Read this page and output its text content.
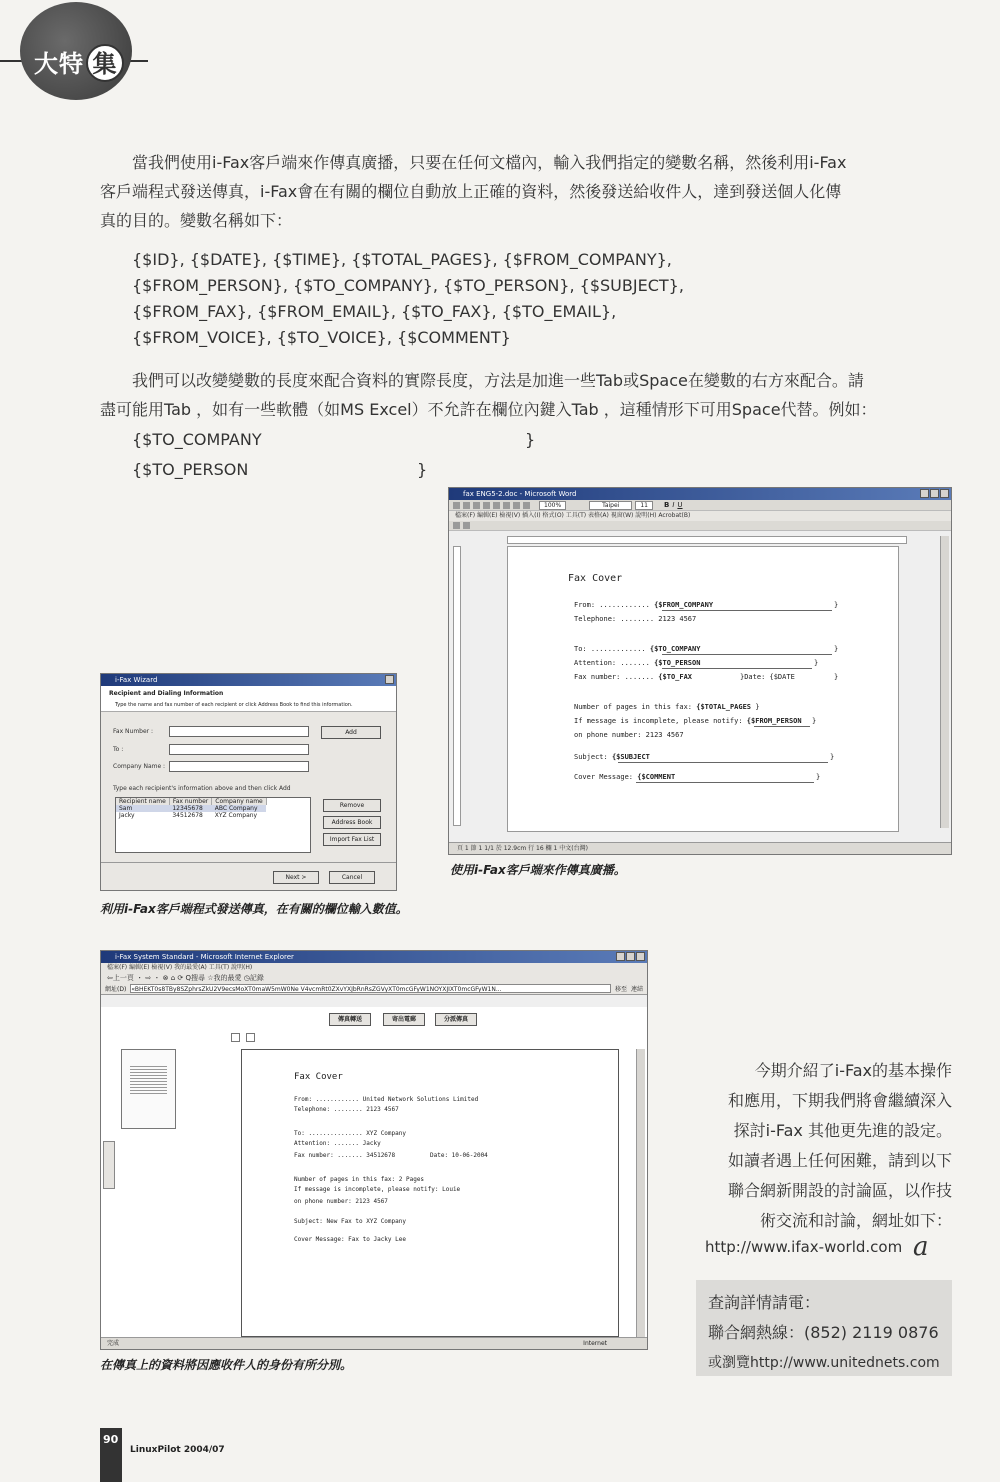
大特 集
當我們使用i-Fax客戶端來作傳真廣播，只要在任何文檔內，輸入我們指定的變數名稱，然後利用i-Fax
客戶端程式發送傳真，i-Fax會在有關的欄位自動放上正確的資料，然後發送給收件人，達到發送個人化傳
真的目的。變數名稱如下：
{$ID}, {$DATE}, {$TIME}, {$TOTAL_PAGES}, {$FROM_COMPANY},
{$FROM_PERSON}, {$TO_COMPANY}, {$TO_PERSON}, {$SUBJECT},
{$FROM_FAX}, {$FROM_EMAIL}, {$TO_FAX}, {$TO_EMAIL},
{$FROM_VOICE}, {$TO_VOICE}, {$COMMENT}
我們可以改變變數的長度來配合資料的實際長度，方法是加進一些Tab或Space在變數的右方來配合。請
盡可能用Tab ，如有一些軟體（如MS Excel）不允許在欄位內鍵入Tab ，這種情形下可用Space代替。例如：
{$TO_COMPANY	}
{$TO_PERSON	}
fax ENG5-2.doc - Microsoft Word
100%	Taipei	11	B I U
檔案(F) 編輯(E) 檢視(V) 插入(I) 格式(O) 工具(T) 表格(A) 視窗(W) 說明(H) Acrobat(B)
Fax Cover
From: ............ {$FROM_COMPANY	}
Telephone: ........ 2123 4567
To: ............. {$TO_COMPANY	}
Attention: ....... {$TO_PERSON	}
Fax number: ....... {$TO_FAX	}Date: {$DATE	}
Number of pages in this fax: {$TOTAL_PAGES }
If message is incomplete, please notify: {$FROM_PERSON }
on phone number: 2123 4567
Subject: {$SUBJECT	}
Cover Message: {$COMMENT	}
頁 1 節 1 1/1 於 12.9cm 行 16 欄 1 中文(台灣)
使用i-Fax客戶端來作傳真廣播。
i-Fax Wizard
Recipient and Dialing Information
Type the name and fax number of each recipient or click Address Book to find this information.
Fax Number :	Add
To :
Company Name :
Type each recipient's information above and then click Add
Recipient name	Fax number	Company name
Sam	12345678	ABC Company
Jacky	34512678	XYZ Company
Remove
Address Book
Import Fax List
Next >	Cancel
利用i-Fax客戶端程式發送傳真，在有關的欄位輸入數值。
i-Fax System Standard - Microsoft Internet Explorer
檔案(F) 編輯(E) 檢視(V) 我的最愛(A) 工具(T) 說明(H)
⇦上一頁 ・ ⇨ ・ ⊗ ⌂ ⟳ Q搜尋 ☆我的最愛 ◷記錄
網址(D) «BHEKT0s8TBy8SZphrsZkU2V9ecsMoXT0maW5mW0Ne V4vcmRt0ZXvYXJbRnRsZGVyXT0mcGFyW1NOYXJIXT0mcGFyW1N...	移至 連結
傳真轉送	寄出電郵	分派傳真
Fax Cover
From: ............ United Network Solutions Limited
Telephone: ........ 2123 4567
To: ............... XYZ Company
Attention: ....... Jacky
Fax number: ....... 34512678	Date: 10-06-2004
Number of pages in this fax: 2 Pages
If message is incomplete, please notify: Louie
on phone number: 2123 4567
Subject: New Fax to XYZ Company
Cover Message: Fax to Jacky Lee
完成	Internet
在傳真上的資料將因應收件人的身份有所分別。
今期介紹了i-Fax的基本操作
和應用，下期我們將會繼續深入
探討i-Fax 其他更先進的設定。
如讀者遇上任何困難，請到以下
聯合網新開設的討論區，以作技
術交流和討論，網址如下：
http://www.ifax-world.com a
查詢詳情請電：
聯合網熱線：(852) 2119 0876
或瀏覽http://www.unitednets.com
90
LinuxPilot 2004/07
